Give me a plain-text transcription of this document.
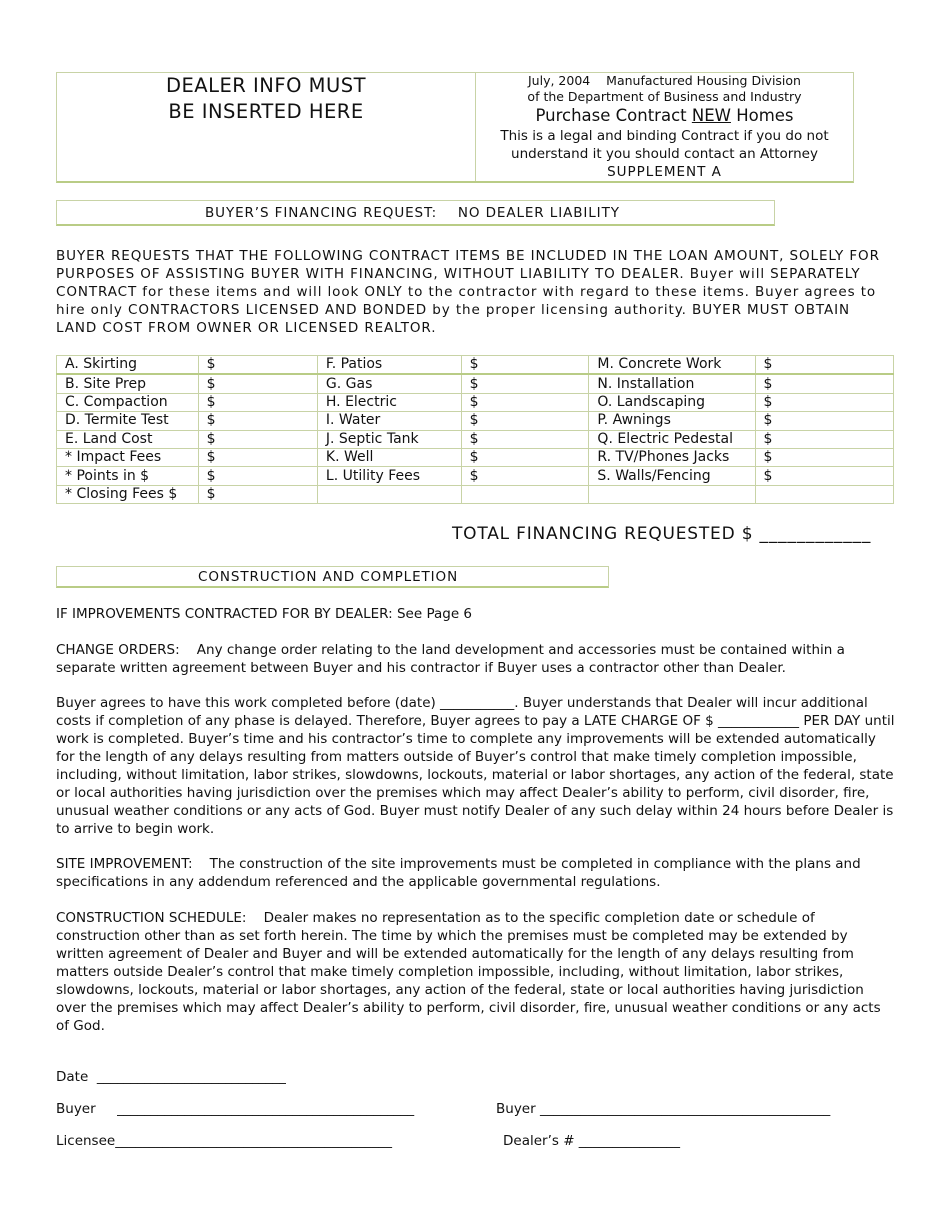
DEALER INFO MUST
BE INSERTED HERE
July, 2004 Manufactured Housing Division
of the Department of Business and Industry
Purchase Contract NEW Homes
This is a legal and binding Contract if you do not
understand it you should contact an Attorney
SUPPLEMENT A
BUYER’S FINANCING REQUEST:    NO DEALER LIABILITY

BUYER REQUESTS THAT THE FOLLOWING CONTRACT ITEMS BE INCLUDED IN THE LOAN AMOUNT, SOLELY FOR PURPOSES OF ASSISTING BUYER WITH FINANCING, WITHOUT LIABILITY TO DEALER. Buyer will SEPARATELY CONTRACT for these items and will look ONLY to the contractor with regard to these items. Buyer agrees to hire only CONTRACTORS LICENSED AND BONDED by the proper licensing authority. BUYER MUST OBTAIN LAND COST FROM OWNER OR LICENSED REALTOR.

A. Skirting	$	F. Patios	$	M. Concrete Work	$
B. Site Prep	$	G. Gas	$	N. Installation	$
C. Compaction	$	H. Electric	$	O. Landscaping	$
D. Termite Test	$	I. Water	$	P. Awnings	$
E. Land Cost	$	J. Septic Tank	$	Q. Electric Pedestal	$
* Impact Fees	$	K. Well	$	R. TV/Phones Jacks	$
* Points in $	$	L. Utility Fees	$	S. Walls/Fencing	$
* Closing Fees $	$				
TOTAL FINANCING REQUESTED $ ____________
CONSTRUCTION AND COMPLETION

IF IMPROVEMENTS CONTRACTED FOR BY DEALER: See Page 6

CHANGE ORDERS:    Any change order relating to the land development and accessories must be contained within a separate written agreement between Buyer and his contractor if Buyer uses a contractor other than Dealer.

Buyer agrees to have this work completed before (date) ___________. Buyer understands that Dealer will incur additional costs if completion of any phase is delayed. Therefore, Buyer agrees to pay a LATE CHARGE OF $ ____________ PER DAY until work is completed. Buyer’s time and his contractor’s time to complete any improvements will be extended automatically for the length of any delays resulting from matters outside of Buyer’s control that make timely completion impossible, including, without limitation, labor strikes, slowdowns, lockouts, material or labor shortages, any action of the federal, state or local authorities having jurisdiction over the premises which may affect Dealer’s ability to perform, civil disorder, fire, unusual weather conditions or any acts of God. Buyer must notify Dealer of any such delay within 24 hours before Dealer is to arrive to begin work.

SITE IMPROVEMENT:    The construction of the site improvements must be completed in compliance with the plans and specifications in any addendum referenced and the applicable governmental regulations.

CONSTRUCTION SCHEDULE:    Dealer makes no representation as to the specific completion date or schedule of construction other than as set forth herein. The time by which the premises must be completed may be extended by written agreement of Dealer and Buyer and will be extended automatically for the length of any delays resulting from matters outside Dealer’s control that make timely completion impossible, including, without limitation, labor strikes, slowdowns, lockouts, material or labor shortages, any action of the federal, state or local authorities having jurisdiction over the premises which may affect Dealer’s ability to perform, civil disorder, fire, unusual weather conditions or any acts of God.

Date  ____________________________
Buyer     ____________________________________________	Buyer ___________________________________________
Licensee_________________________________________	Dealer’s # _______________
